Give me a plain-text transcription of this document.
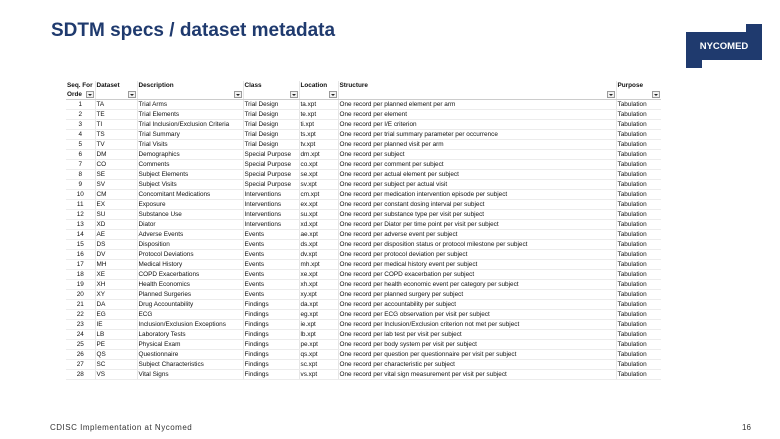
SDTM specs / dataset metadata
NYCOMED
Seq. For	Dataset	Description	Class	Location	Structure	Purpose
Orde

1	TA	Trial Arms	Trial Design	ta.xpt	One record per planned element per arm	Tabulation
2	TE	Trial Elements	Trial Design	te.xpt	One record per element	Tabulation
3	TI	Trial Inclusion/Exclusion Criteria	Trial Design	ti.xpt	One record per I/E criterion	Tabulation
4	TS	Trial Summary	Trial Design	ts.xpt	One record per trial summary parameter per occurrence	Tabulation
5	TV	Trial Visits	Trial Design	tv.xpt	One record per planned visit per arm	Tabulation
6	DM	Demographics	Special Purpose	dm.xpt	One record per subject	Tabulation
7	CO	Comments	Special Purpose	co.xpt	One record per comment per subject	Tabulation
8	SE	Subject Elements	Special Purpose	se.xpt	One record per actual element per subject	Tabulation
9	SV	Subject Visits	Special Purpose	sv.xpt	One record per subject per actual visit	Tabulation
10	CM	Concomitant Medications	Interventions	cm.xpt	One record per medication intervention episode per subject	Tabulation
11	EX	Exposure	Interventions	ex.xpt	One record per constant dosing interval per subject	Tabulation
12	SU	Substance Use	Interventions	su.xpt	One record per substance type per visit per subject	Tabulation
13	XD	Diator	Interventions	xd.xpt	One record per Diator per time point per visit per subject	Tabulation
14	AE	Adverse Events	Events	ae.xpt	One record per adverse event per subject	Tabulation
15	DS	Disposition	Events	ds.xpt	One record per disposition status or protocol milestone per subject	Tabulation
16	DV	Protocol Deviations	Events	dv.xpt	One record per protocol deviation per subject	Tabulation
17	MH	Medical History	Events	mh.xpt	One record per medical history event per subject	Tabulation
18	XE	COPD Exacerbations	Events	xe.xpt	One record per COPD exacerbation per subject	Tabulation
19	XH	Health Economics	Events	xh.xpt	One record per health economic event per category per subject	Tabulation
20	XY	Planned Surgeries	Events	xy.xpt	One record per planned surgery per subject	Tabulation
21	DA	Drug Accountability	Findings	da.xpt	One record per accountability per subject	Tabulation
22	EG	ECG	Findings	eg.xpt	One record per ECG observation per visit per subject	Tabulation
23	IE	Inclusion/Exclusion Exceptions	Findings	ie.xpt	One record per Inclusion/Exclusion criterion not met per subject	Tabulation
24	LB	Laboratory Tests	Findings	lb.xpt	One record per lab test per visit per subject	Tabulation
25	PE	Physical Exam	Findings	pe.xpt	One record per body system per visit per subject	Tabulation
26	QS	Questionnaire	Findings	qs.xpt	One record per question per questionnaire per visit per subject	Tabulation
27	SC	Subject Characteristics	Findings	sc.xpt	One record per characteristic per subject	Tabulation
28	VS	Vital Signs	Findings	vs.xpt	One record per vital sign measurement per visit per subject	Tabulation
CDISC Implementation at Nycomed	16
